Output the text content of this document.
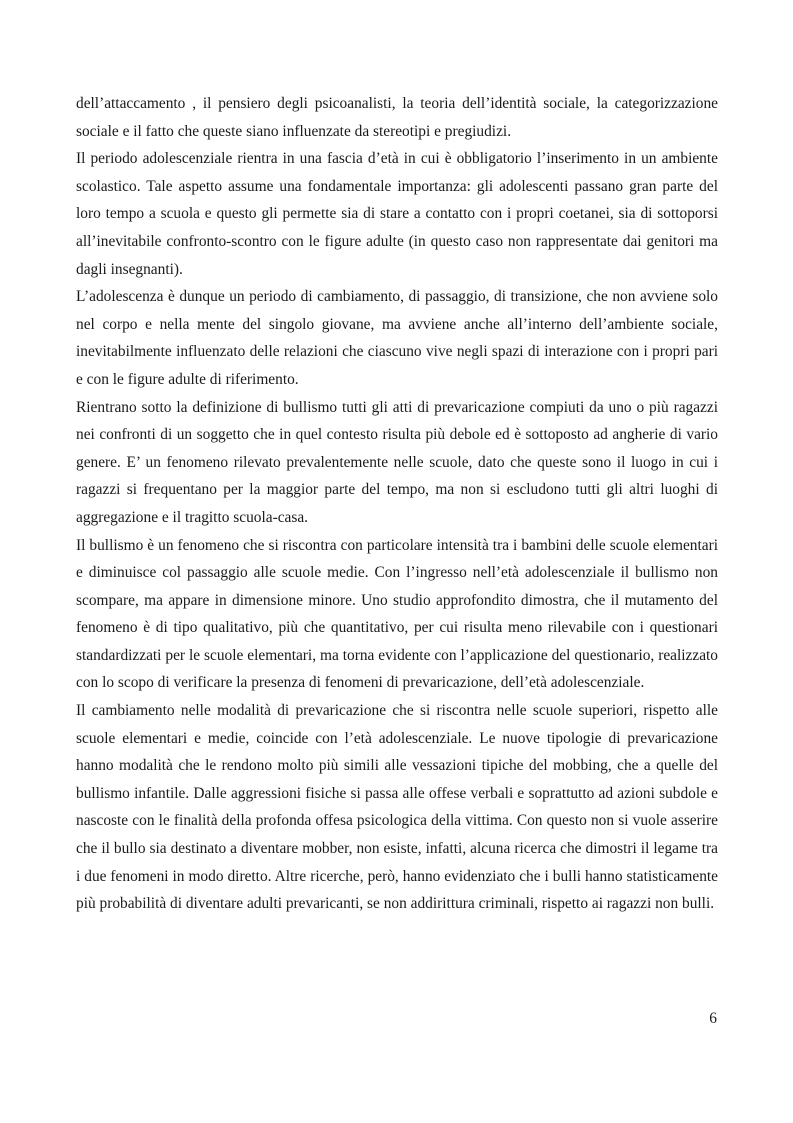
dell’attaccamento , il pensiero degli psicoanalisti, la teoria dell’identità sociale, la categorizzazione sociale e il fatto che queste siano influenzate da stereotipi e pregiudizi.

Il periodo adolescenziale rientra in una fascia d’età in cui è obbligatorio l’inserimento in un ambiente scolastico. Tale aspetto assume una fondamentale importanza: gli adolescenti passano gran parte del loro tempo a scuola e questo gli permette sia di stare a contatto con i propri coetanei, sia di sottoporsi all’inevitabile confronto-scontro con le figure adulte (in questo caso non rappresentate dai genitori ma dagli insegnanti).

L’adolescenza è dunque un periodo di cambiamento, di passaggio, di transizione, che non avviene solo nel corpo e nella mente del singolo giovane, ma avviene anche all’interno dell’ambiente sociale, inevitabilmente influenzato delle relazioni che ciascuno vive negli spazi di interazione con i propri pari e con le figure adulte di riferimento.

Rientrano sotto la definizione di bullismo tutti gli atti di prevaricazione compiuti da uno o più ragazzi nei confronti di un soggetto che in quel contesto risulta più debole ed è sottoposto ad angherie di vario genere. E’ un fenomeno rilevato prevalentemente nelle scuole, dato che queste sono il luogo in cui i ragazzi si frequentano per la maggior parte del tempo, ma non si escludono tutti gli altri luoghi di aggregazione e il tragitto scuola-casa.

Il bullismo è un fenomeno che si riscontra con particolare intensità tra i bambini delle scuole elementari e diminuisce col passaggio alle scuole medie. Con l’ingresso nell’età adolescenziale il bullismo non scompare, ma appare in dimensione minore. Uno studio approfondito dimostra, che il mutamento del fenomeno è di tipo qualitativo, più che quantitativo, per cui risulta meno rilevabile con i questionari standardizzati per le scuole elementari, ma torna evidente con l’applicazione del questionario, realizzato con lo scopo di verificare la presenza di fenomeni di prevaricazione, dell’età adolescenziale.

Il cambiamento nelle modalità di prevaricazione che si riscontra nelle scuole superiori, rispetto alle scuole elementari e medie, coincide con l’età adolescenziale. Le nuove tipologie di prevaricazione hanno modalità che le rendono molto più simili alle vessazioni tipiche del mobbing, che a quelle del bullismo infantile. Dalle aggressioni fisiche si passa alle offese verbali e soprattutto ad azioni subdole e nascoste con le finalità della profonda offesa psicologica della vittima. Con questo non si vuole asserire che il bullo sia destinato a diventare mobber, non esiste, infatti, alcuna ricerca che dimostri il legame tra i due fenomeni in modo diretto. Altre ricerche, però, hanno evidenziato che i bulli hanno statisticamente più probabilità di diventare adulti prevaricanti, se non addirittura criminali, rispetto ai ragazzi non bulli.

6
